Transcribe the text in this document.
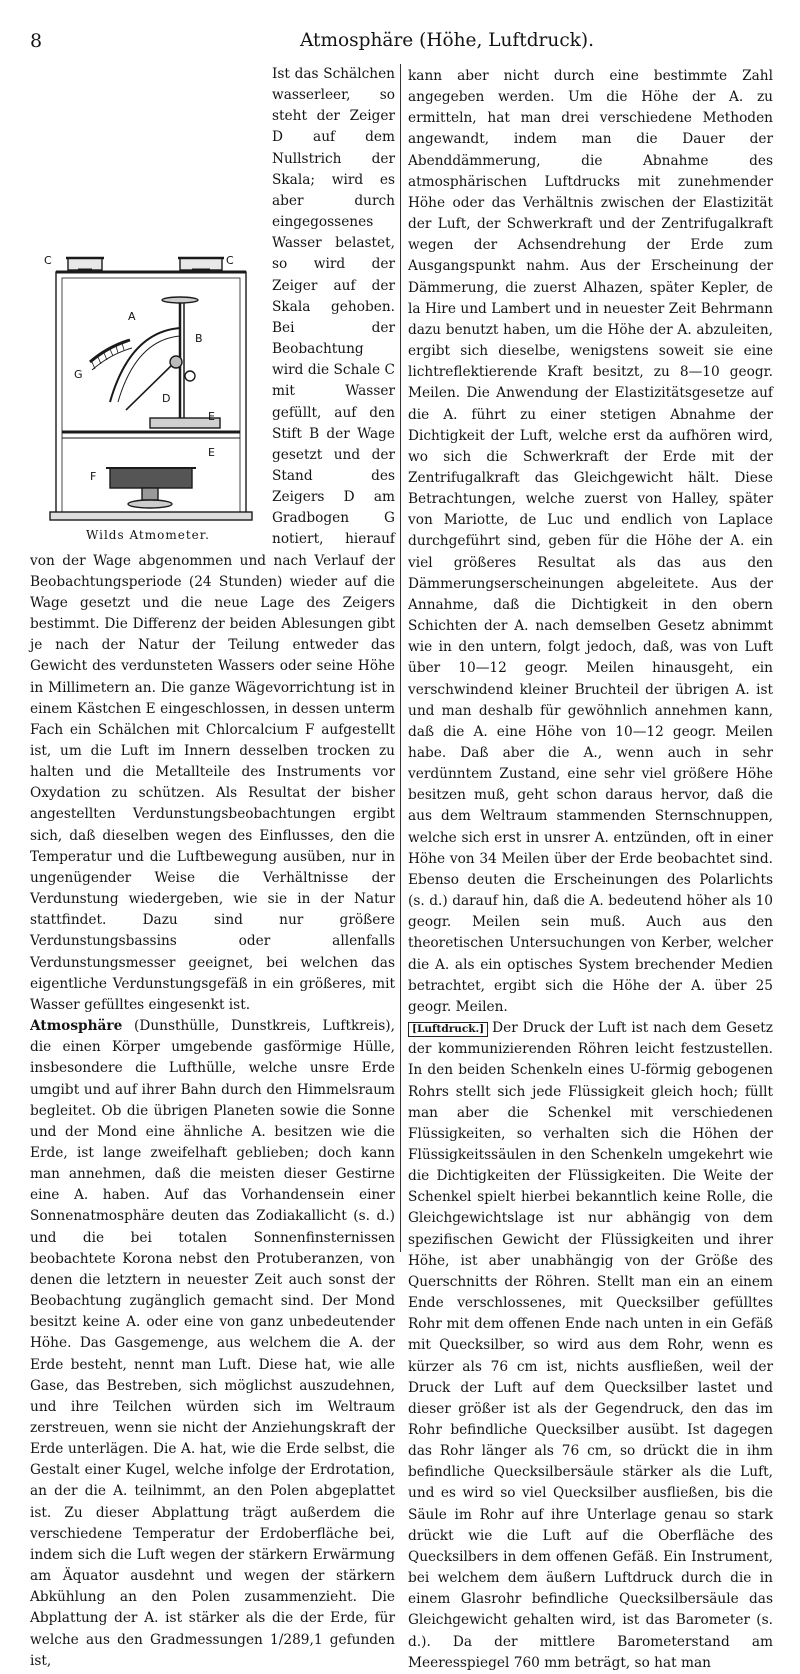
8	Atmosphäre (Höhe, Luftdruck).
C	C
A
B
G
D
E
E
F
Wilds Atmometer.

Ist das Schälchen wasserleer, so steht der Zeiger D auf dem Nullstrich der Skala; wird es aber durch eingegossenes Wasser belastet, so wird der Zeiger auf der Skala gehoben. Bei der Beobachtung wird die Schale C mit Wasser gefüllt, auf den Stift B der Wage gesetzt und der Stand des Zeigers D am Gradbogen G notiert, hierauf von der Wage abgenommen und nach Verlauf der Beobachtungsperiode (24 Stunden) wieder auf die Wage gesetzt und die neue Lage des Zeigers bestimmt. Die Differenz der beiden Ablesungen gibt je nach der Natur der Teilung entweder das Gewicht des verdunsteten Wassers oder seine Höhe in Millimetern an. Die ganze Wägevorrichtung ist in einem Kästchen E eingeschlossen, in dessen unterm Fach ein Schälchen mit Chlorcalcium F aufgestellt ist, um die Luft im Innern desselben trocken zu halten und die Metallteile des Instruments vor Oxydation zu schützen. Als Resultat der bisher angestellten Verdunstungsbeobachtungen ergibt sich, daß dieselben wegen des Einflusses, den die Temperatur und die Luftbewegung ausüben, nur in ungenügender Weise die Verhältnisse der Verdunstung wiedergeben, wie sie in der Natur stattfindet. Dazu sind nur größere Verdunstungsbassins oder allenfalls Verdunstungsmesser geeignet, bei welchen das eigentliche Verdunstungsgefäß in ein größeres, mit Wasser gefülltes eingesenkt ist.

Atmosphäre (Dunsthülle, Dunstkreis, Luftkreis), die einen Körper umgebende gasförmige Hülle, insbesondere die Lufthülle, welche unsre Erde umgibt und auf ihrer Bahn durch den Himmelsraum begleitet. Ob die übrigen Planeten sowie die Sonne und der Mond eine ähnliche A. besitzen wie die Erde, ist lange zweifelhaft geblieben; doch kann man annehmen, daß die meisten dieser Gestirne eine A. haben. Auf das Vorhandensein einer Sonnenatmosphäre deuten das Zodiakallicht (s. d.) und die bei totalen Sonnenfinsternissen beobachtete Korona nebst den Protuberanzen, von denen die letztern in neuester Zeit auch sonst der Beobachtung zugänglich gemacht sind. Der Mond besitzt keine A. oder eine von ganz unbedeutender Höhe. Das Gasgemenge, aus welchem die A. der Erde besteht, nennt man Luft. Diese hat, wie alle Gase, das Bestreben, sich möglichst auszudehnen, und ihre Teilchen würden sich im Weltraum zerstreuen, wenn sie nicht der Anziehungskraft der Erde unterlägen. Die A. hat, wie die Erde selbst, die Gestalt einer Kugel, welche infolge der Erdrotation, an der die A. teilnimmt, an den Polen abgeplattet ist. Zu dieser Abplattung trägt außerdem die verschiedene Temperatur der Erdoberfläche bei, indem sich die Luft wegen der stärkern Erwärmung am Äquator ausdehnt und wegen der stärkern Abkühlung an den Polen zusammenzieht. Die Abplattung der A. ist stärker als die der Erde, für welche aus den Gradmessungen 1/289,1 gefunden ist,

kann aber nicht durch eine bestimmte Zahl angegeben werden. Um die Höhe der A. zu ermitteln, hat man drei verschiedene Methoden angewandt, indem man die Dauer der Abenddämmerung, die Abnahme des atmosphärischen Luftdrucks mit zunehmender Höhe oder das Verhältnis zwischen der Elastizität der Luft, der Schwerkraft und der Zentrifugalkraft wegen der Achsendrehung der Erde zum Ausgangspunkt nahm. Aus der Erscheinung der Dämmerung, die zuerst Alhazen, später Kepler, de la Hire und Lambert und in neuester Zeit Behrmann dazu benutzt haben, um die Höhe der A. abzuleiten, ergibt sich dieselbe, wenigstens soweit sie eine lichtreflektierende Kraft besitzt, zu 8—10 geogr. Meilen. Die Anwendung der Elastizitätsgesetze auf die A. führt zu einer stetigen Abnahme der Dichtigkeit der Luft, welche erst da aufhören wird, wo sich die Schwerkraft der Erde mit der Zentrifugalkraft das Gleichgewicht hält. Diese Betrachtungen, welche zuerst von Halley, später von Mariotte, de Luc und endlich von Laplace durchgeführt sind, geben für die Höhe der A. ein viel größeres Resultat als das aus den Dämmerungserscheinungen abgeleitete. Aus der Annahme, daß die Dichtigkeit in den obern Schichten der A. nach demselben Gesetz abnimmt wie in den untern, folgt jedoch, daß, was von Luft über 10—12 geogr. Meilen hinausgeht, ein verschwindend kleiner Bruchteil der übrigen A. ist und man deshalb für gewöhnlich annehmen kann, daß die A. eine Höhe von 10—12 geogr. Meilen habe. Daß aber die A., wenn auch in sehr verdünntem Zustand, eine sehr viel größere Höhe besitzen muß, geht schon daraus hervor, daß die aus dem Weltraum stammenden Sternschnuppen, welche sich erst in unsrer A. entzünden, oft in einer Höhe von 34 Meilen über der Erde beobachtet sind. Ebenso deuten die Erscheinungen des Polarlichts (s. d.) darauf hin, daß die A. bedeutend höher als 10 geogr. Meilen sein muß. Auch aus den theoretischen Untersuchungen von Kerber, welcher die A. als ein optisches System brechender Medien betrachtet, ergibt sich die Höhe der A. über 25 geogr. Meilen.

[Luftdruck.] Der Druck der Luft ist nach dem Gesetz der kommunizierenden Röhren leicht festzustellen. In den beiden Schenkeln eines U-förmig gebogenen Rohrs stellt sich jede Flüssigkeit gleich hoch; füllt man aber die Schenkel mit verschiedenen Flüssigkeiten, so verhalten sich die Höhen der Flüssigkeitssäulen in den Schenkeln umgekehrt wie die Dichtigkeiten der Flüssigkeiten. Die Weite der Schenkel spielt hierbei bekanntlich keine Rolle, die Gleichgewichtslage ist nur abhängig von dem spezifischen Gewicht der Flüssigkeiten und ihrer Höhe, ist aber unabhängig von der Größe des Querschnitts der Röhren. Stellt man ein an einem Ende verschlossenes, mit Quecksilber gefülltes Rohr mit dem offenen Ende nach unten in ein Gefäß mit Quecksilber, so wird aus dem Rohr, wenn es kürzer als 76 cm ist, nichts ausfließen, weil der Druck der Luft auf dem Quecksilber lastet und dieser größer ist als der Gegendruck, den das im Rohr befindliche Quecksilber ausübt. Ist dagegen das Rohr länger als 76 cm, so drückt die in ihm befindliche Quecksilbersäule stärker als die Luft, und es wird so viel Quecksilber ausfließen, bis die Säule im Rohr auf ihre Unterlage genau so stark drückt wie die Luft auf die Oberfläche des Quecksilbers in dem offenen Gefäß. Ein Instrument, bei welchem dem äußern Luftdruck durch die in einem Glasrohr befindliche Quecksilbersäule das Gleichgewicht gehalten wird, ist das Barometer (s. d.). Da der mittlere Barometerstand am Meeresspiegel 760 mm beträgt, so hat man
